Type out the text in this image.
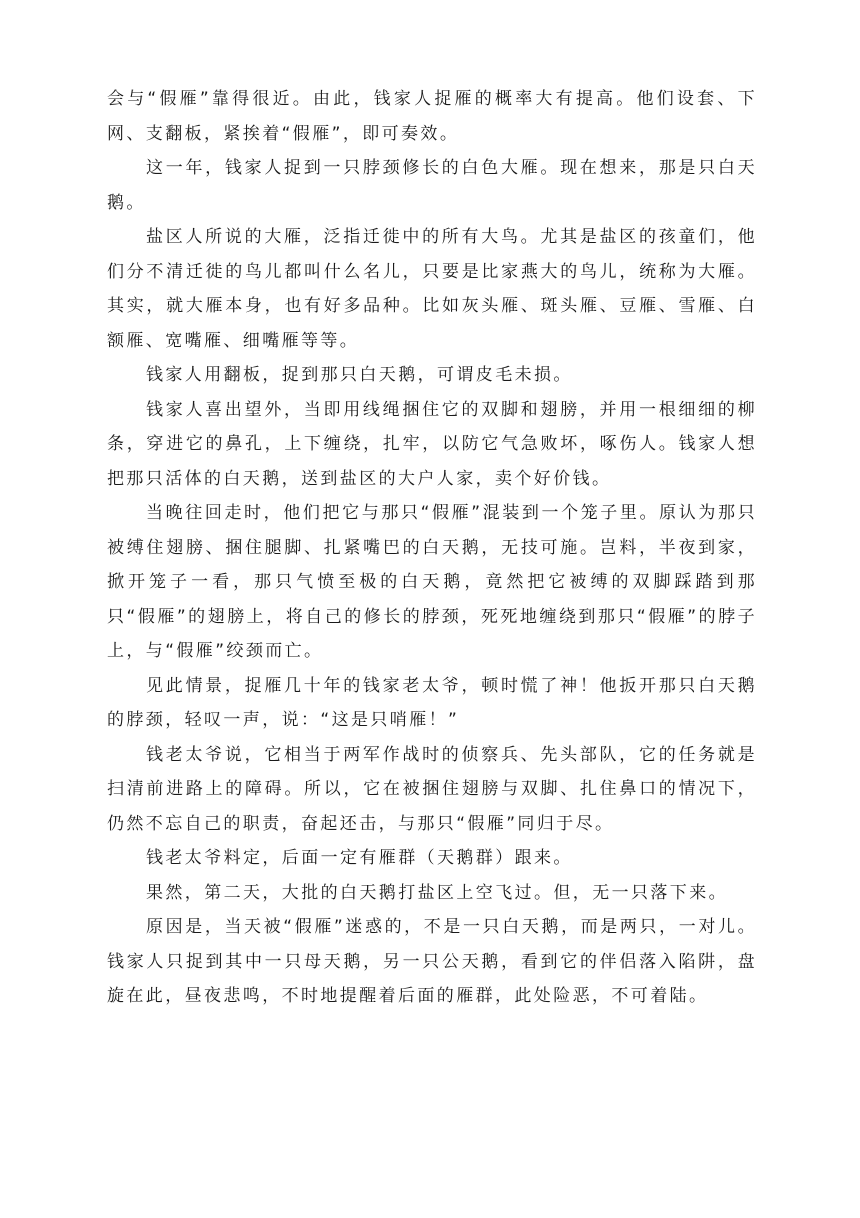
会与“假雁”靠得很近。由此，钱家人捉雁的概率大有提高。他们设套、下网、支翻板，紧挨着“假雁”，即可奏效。

这一年，钱家人捉到一只脖颈修长的白色大雁。现在想来，那是只白天鹅。

盐区人所说的大雁，泛指迁徙中的所有大鸟。尤其是盐区的孩童们，他们分不清迁徙的鸟儿都叫什么名儿，只要是比家燕大的鸟儿，统称为大雁。其实，就大雁本身，也有好多品种。比如灰头雁、斑头雁、豆雁、雪雁、白额雁、宽嘴雁、细嘴雁等等。

钱家人用翻板，捉到那只白天鹅，可谓皮毛未损。

钱家人喜出望外，当即用线绳捆住它的双脚和翅膀，并用一根细细的柳条，穿进它的鼻孔，上下缠绕，扎牢，以防它气急败坏，啄伤人。钱家人想把那只活体的白天鹅，送到盐区的大户人家，卖个好价钱。

当晚往回走时，他们把它与那只“假雁”混装到一个笼子里。原认为那只被缚住翅膀、捆住腿脚、扎紧嘴巴的白天鹅，无技可施。岂料，半夜到家，掀开笼子一看，那只气愤至极的白天鹅，竟然把它被缚的双脚踩踏到那只“假雁”的翅膀上，将自己的修长的脖颈，死死地缠绕到那只“假雁”的脖子上，与“假雁”绞颈而亡。

见此情景，捉雁几十年的钱家老太爷，顿时慌了神！他扳开那只白天鹅的脖颈，轻叹一声，说：“这是只哨雁！”

钱老太爷说，它相当于两军作战时的侦察兵、先头部队，它的任务就是扫清前进路上的障碍。所以，它在被捆住翅膀与双脚、扎住鼻口的情况下，仍然不忘自己的职责，奋起还击，与那只“假雁”同归于尽。

钱老太爷料定，后面一定有雁群（天鹅群）跟来。

果然，第二天，大批的白天鹅打盐区上空飞过。但，无一只落下来。

原因是，当天被“假雁”迷惑的，不是一只白天鹅，而是两只，一对儿。钱家人只捉到其中一只母天鹅，另一只公天鹅，看到它的伴侣落入陷阱，盘旋在此，昼夜悲鸣，不时地提醒着后面的雁群，此处险恶，不可着陆。
